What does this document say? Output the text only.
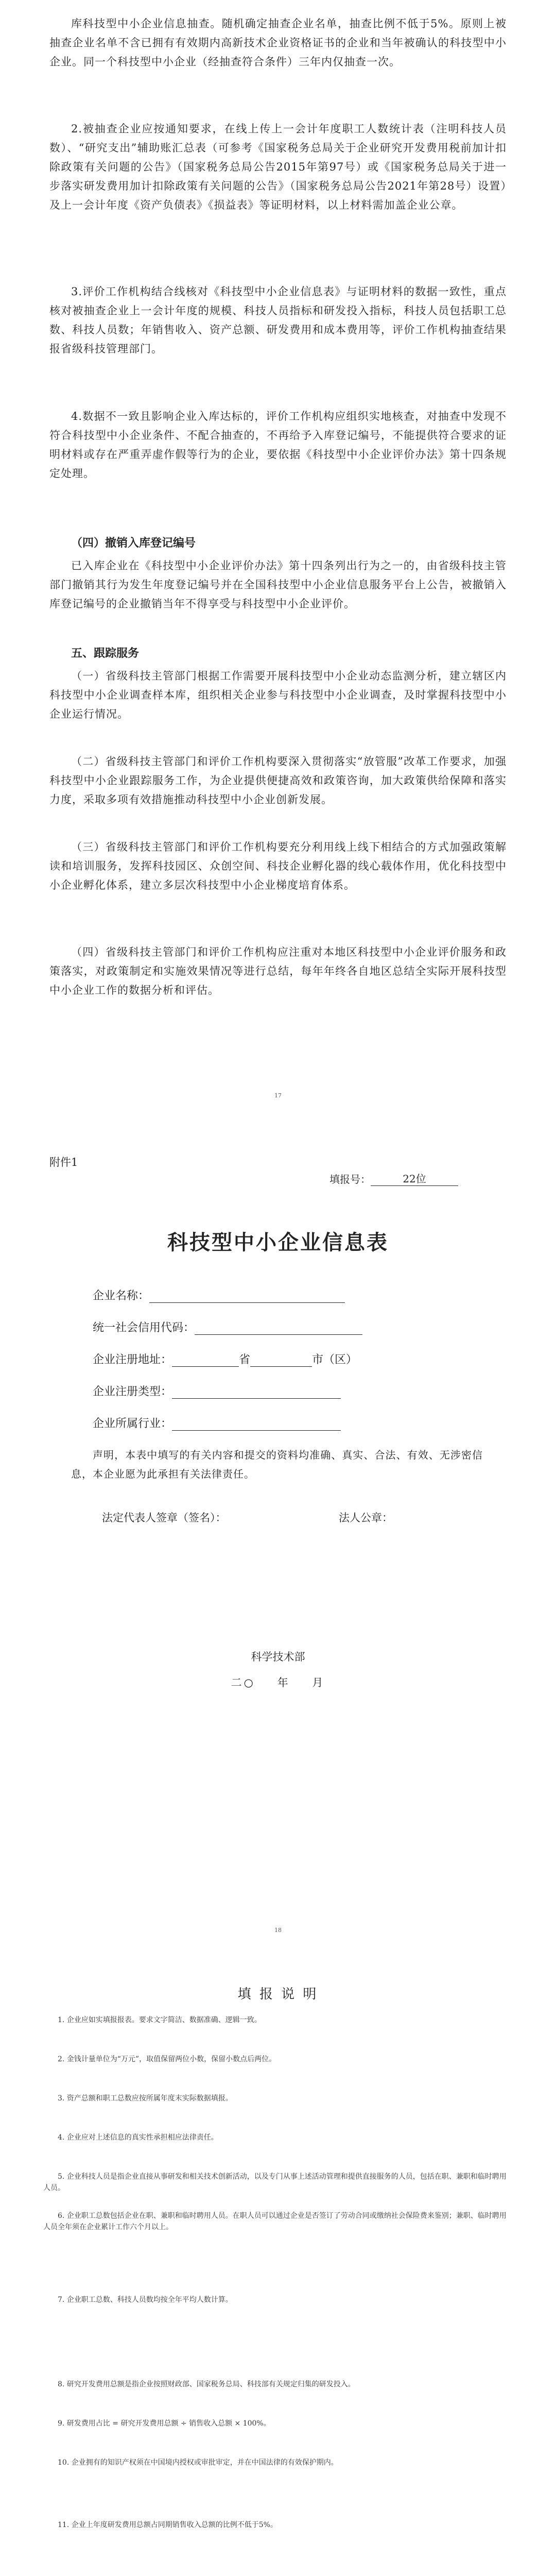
库科技型中小企业信息抽查。随机确定抽查企业名单，抽查比例不低于5%。原则上被抽查企业名单不含已拥有有效期内高新技术企业资格证书的企业和当年被确认的科技型中小企业。同一个科技型中小企业（经抽查符合条件）三年内仅抽查一次。
2.被抽查企业应按通知要求，在线上传上一会计年度职工人数统计表（注明科技人员数）、“研究支出”辅助账汇总表（可参考《国家税务总局关于企业研究开发费用税前加计扣除政策有关问题的公告》（国家税务总局公告2015年第97号）或《国家税务总局关于进一步落实研发费用加计扣除政策有关问题的公告》（国家税务总局公告2021年第28号）设置）及上一会计年度《资产负债表》《损益表》等证明材料，以上材料需加盖企业公章。
3.评价工作机构结合线核对《科技型中小企业信息表》与证明材料的数据一致性，重点核对被抽查企业上一会计年度的规模、科技人员指标和研发投入指标，科技人员包括职工总数、科技人员数；年销售收入、资产总额、研发费用和成本费用等，评价工作机构抽查结果报省级科技管理部门。
4.数据不一致且影响企业入库达标的，评价工作机构应组织实地核查，对抽查中发现不符合科技型中小企业条件、不配合抽查的，不再给予入库登记编号，不能提供符合要求的证明材料或存在严重弄虚作假等行为的企业，要依据《科技型中小企业评价办法》第十四条规定处理。
（四）撤销入库登记编号
已入库企业在《科技型中小企业评价办法》第十四条列出行为之一的，由省级科技主管部门撤销其行为发生年度登记编号并在全国科技型中小企业信息服务平台上公告，被撤销入库登记编号的企业撤销当年不得享受与科技型中小企业评价。
五、跟踪服务
（一）省级科技主管部门根据工作需要开展科技型中小企业动态监测分析，建立辖区内科技型中小企业调查样本库，组织相关企业参与科技型中小企业调查，及时掌握科技型中小企业运行情况。
（二）省级科技主管部门和评价工作机构要深入贯彻落实“放管服”改革工作要求，加强科技型中小企业跟踪服务工作，为企业提供便捷高效和政策咨询，加大政策供给保障和落实力度，采取多项有效措施推动科技型中小企业创新发展。
（三）省级科技主管部门和评价工作机构要充分利用线上线下相结合的方式加强政策解读和培训服务，发挥科技园区、众创空间、科技企业孵化器的线心载体作用，优化科技型中小企业孵化体系，建立多层次科技型中小企业梯度培育体系。
（四）省级科技主管部门和评价工作机构应注重对本地区科技型中小企业评价服务和政策落实，对政策制定和实施效果情况等进行总结，每年年终各自地区总结全实际开展科技型中小企业工作的数据分析和评估。
17
附件1
填报号：	22位
科技型中小企业信息表
企业名称：
统一社会信用代码：
企业注册地址：	省	市（区）
企业注册类型：
企业所属行业：
声明，本表中填写的有关内容和提交的资料均准确、真实、合法、有效、无涉密信息，本企业愿为此承担有关法律责任。
法定代表人签章（签名）：	法人公章：
科学技术部
二○    年    月
18
填 报 说 明
1. 企业应如实填报报表。要求文字简洁、数据准确、逻辑一致。
2. 金钱计量单位为“万元”，取值保留两位小数，保留小数点后两位。
3. 资产总额和职工总数应按所属年度末实际数据填报。
4. 企业应对上述信息的真实性承担相应法律责任。
5. 企业科技人员是指企业直接从事研发和相关技术创新活动，以及专门从事上述活动管理和提供直接服务的人员，包括在职、兼职和临时聘用人员。
6. 企业职工总数包括企业在职、兼职和临时聘用人员。在职人员可以通过企业是否签订了劳动合同或缴纳社会保险费来鉴别；兼职、临时聘用人员全年须在企业累计工作六个月以上。
7. 企业职工总数、科技人员数均按全年平均人数计算。
8. 研究开发费用总额是指企业按照财政部、国家税务总局、科技部有关规定归集的研发投入。
9. 研发费用占比 = 研究开发费用总额 ÷ 销售收入总额 × 100%。
10. 企业拥有的知识产权须在中国境内授权或审批审定，并在中国法律的有效保护期内。
11. 企业上年度研发费用总额占同期销售收入总额的比例不低于5%。
